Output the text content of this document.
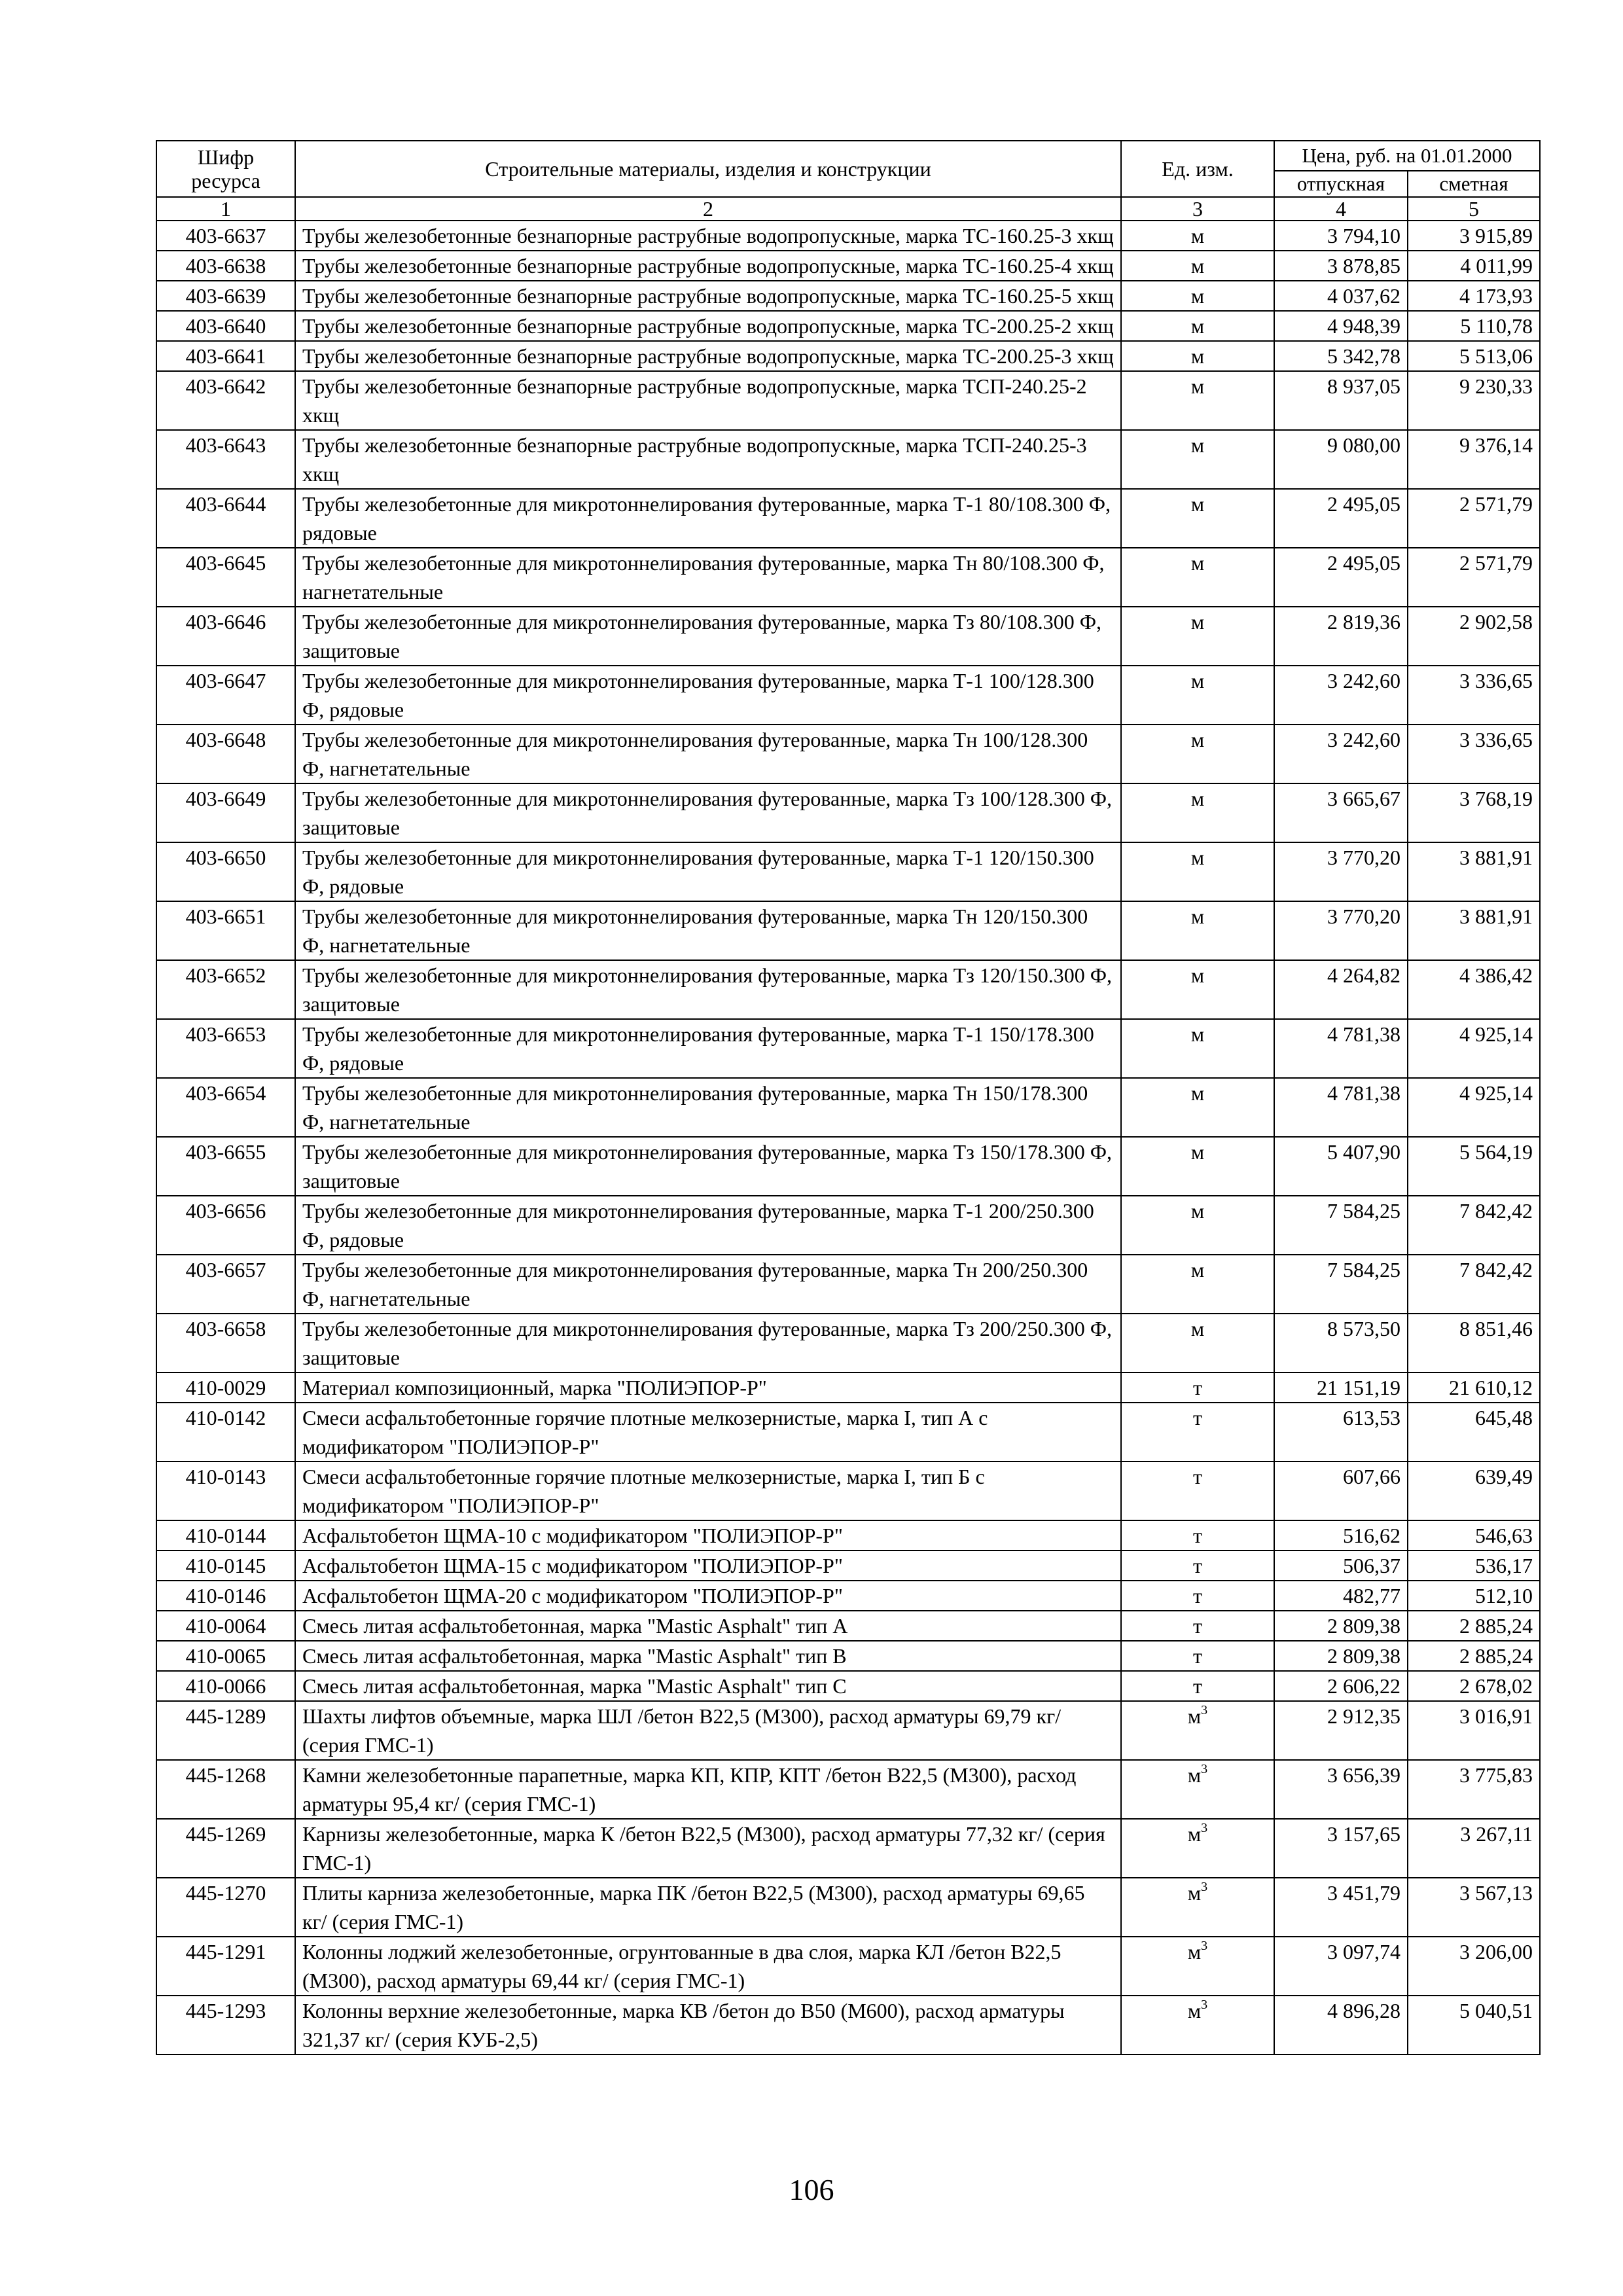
Шифр ресурса	Строительные материалы, изделия и конструкции	Ед. изм.	Цена, руб. на 01.01.2000	
			отпускная	сметная
1	2	3	4	5
403-6637	Трубы железобетонные безнапорные раструбные водопропускные, марка ТС-160.25-3 хкщ	м	3 794,10	3 915,89
403-6638	Трубы железобетонные безнапорные раструбные водопропускные, марка ТС-160.25-4 хкщ	м	3 878,85	4 011,99
403-6639	Трубы железобетонные безнапорные раструбные водопропускные, марка ТС-160.25-5 хкщ	м	4 037,62	4 173,93
403-6640	Трубы железобетонные безнапорные раструбные водопропускные, марка ТС-200.25-2 хкщ	м	4 948,39	5 110,78
403-6641	Трубы железобетонные безнапорные раструбные водопропускные, марка ТС-200.25-3 хкщ	м	5 342,78	5 513,06
403-6642	Трубы железобетонные безнапорные раструбные водопропускные, марка ТСП-240.25-2 хкщ	м	8 937,05	9 230,33
403-6643	Трубы железобетонные безнапорные раструбные водопропускные, марка ТСП-240.25-3 хкщ	м	9 080,00	9 376,14
403-6644	Трубы железобетонные для микротоннелирования футерованные, марка Т-1 80/108.300 Ф, рядовые	м	2 495,05	2 571,79
403-6645	Трубы железобетонные для микротоннелирования футерованные, марка Тн 80/108.300 Ф, нагнетательные	м	2 495,05	2 571,79
403-6646	Трубы железобетонные для микротоннелирования футерованные, марка Тз 80/108.300 Ф, защитовые	м	2 819,36	2 902,58
403-6647	Трубы железобетонные для микротоннелирования футерованные, марка Т-1 100/128.300 Ф, рядовые	м	3 242,60	3 336,65
403-6648	Трубы железобетонные для микротоннелирования футерованные, марка Тн 100/128.300 Ф, нагнетательные	м	3 242,60	3 336,65
403-6649	Трубы железобетонные для микротоннелирования футерованные, марка Тз 100/128.300 Ф, защитовые	м	3 665,67	3 768,19
403-6650	Трубы железобетонные для микротоннелирования футерованные, марка Т-1 120/150.300 Ф, рядовые	м	3 770,20	3 881,91
403-6651	Трубы железобетонные для микротоннелирования футерованные, марка Тн 120/150.300 Ф, нагнетательные	м	3 770,20	3 881,91
403-6652	Трубы железобетонные для микротоннелирования футерованные, марка Тз 120/150.300 Ф, защитовые	м	4 264,82	4 386,42
403-6653	Трубы железобетонные для микротоннелирования футерованные, марка Т-1 150/178.300 Ф, рядовые	м	4 781,38	4 925,14
403-6654	Трубы железобетонные для микротоннелирования футерованные, марка Тн 150/178.300 Ф, нагнетательные	м	4 781,38	4 925,14
403-6655	Трубы железобетонные для микротоннелирования футерованные, марка Тз 150/178.300 Ф, защитовые	м	5 407,90	5 564,19
403-6656	Трубы железобетонные для микротоннелирования футерованные, марка Т-1 200/250.300 Ф, рядовые	м	7 584,25	7 842,42
403-6657	Трубы железобетонные для микротоннелирования футерованные, марка Тн 200/250.300 Ф, нагнетательные	м	7 584,25	7 842,42
403-6658	Трубы железобетонные для микротоннелирования футерованные, марка Тз 200/250.300 Ф, защитовые	м	8 573,50	8 851,46
410-0029	Материал композиционный, марка "ПОЛИЭПОР-Р"	т	21 151,19	21 610,12
410-0142	Смеси асфальтобетонные горячие плотные мелкозернистые, марка I, тип А с модификатором "ПОЛИЭПОР-Р"	т	613,53	645,48
410-0143	Смеси асфальтобетонные горячие плотные мелкозернистые, марка I, тип Б с модификатором "ПОЛИЭПОР-Р"	т	607,66	639,49
410-0144	Асфальтобетон ЩМА-10 с модификатором "ПОЛИЭПОР-Р"	т	516,62	546,63
410-0145	Асфальтобетон ЩМА-15 с модификатором "ПОЛИЭПОР-Р"	т	506,37	536,17
410-0146	Асфальтобетон ЩМА-20 с модификатором "ПОЛИЭПОР-Р"	т	482,77	512,10
410-0064	Смесь литая асфальтобетонная, марка "Mastic Asphalt" тип А	т	2 809,38	2 885,24
410-0065	Смесь литая асфальтобетонная, марка "Mastic Asphalt" тип В	т	2 809,38	2 885,24
410-0066	Смесь литая асфальтобетонная, марка "Mastic Asphalt" тип С	т	2 606,22	2 678,02
445-1289	Шахты лифтов объемные, марка ШЛ /бетон В22,5 (М300), расход арматуры 69,79 кг/ (серия ГМС-1)	$м^3$	2 912,35	3 016,91
445-1268	Камни железобетонные парапетные, марка КП, КПР, КПТ /бетон В22,5 (М300), расход арматуры 95,4 кг/ (серия ГМС-1)	$м^3$	3 656,39	3 775,83
445-1269	Карнизы железобетонные, марка К /бетон В22,5 (М300), расход арматуры 77,32 кг/ (серия ГМС-1)	$м^3$	3 157,65	3 267,11
445-1270	Плиты карниза железобетонные, марка ПК /бетон В22,5 (М300), расход арматуры 69,65 кг/ (серия ГМС-1)	$м^3$	3 451,79	3 567,13
445-1291	Колонны лоджий железобетонные, огрунтованные в два слоя, марка КЛ /бетон В22,5 (М300), расход арматуры 69,44 кг/ (серия ГМС-1)	$м^3$	3 097,74	3 206,00
445-1293	Колонны верхние железобетонные, марка КВ /бетон до В50 (М600), расход арматуры 321,37 кг/ (серия КУБ-2,5)	$м^3$	4 896,28	5 040,51
106
